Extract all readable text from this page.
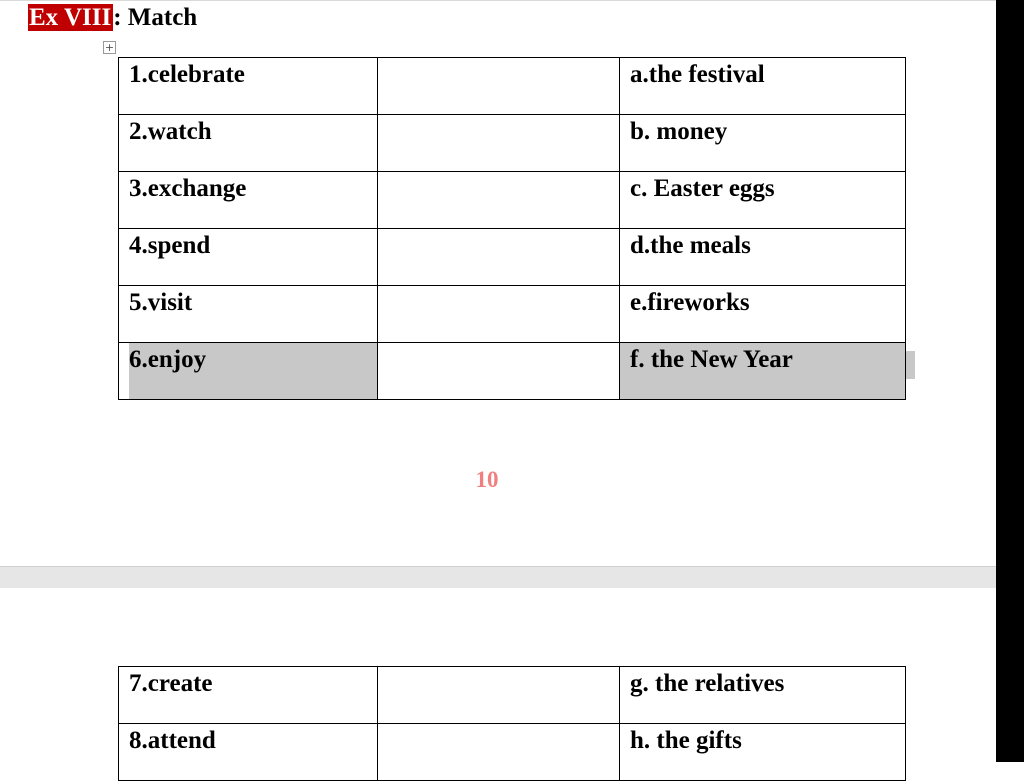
Ex VIII: Match
+
1.celebrate		a.the festival
2.watch		b. money
3.exchange		c. Easter eggs
4.spend		d.the meals
5.visit		e.fireworks
6.enjoy		f. the New Year
10
7.create		g. the relatives
8.attend		h. the gifts
